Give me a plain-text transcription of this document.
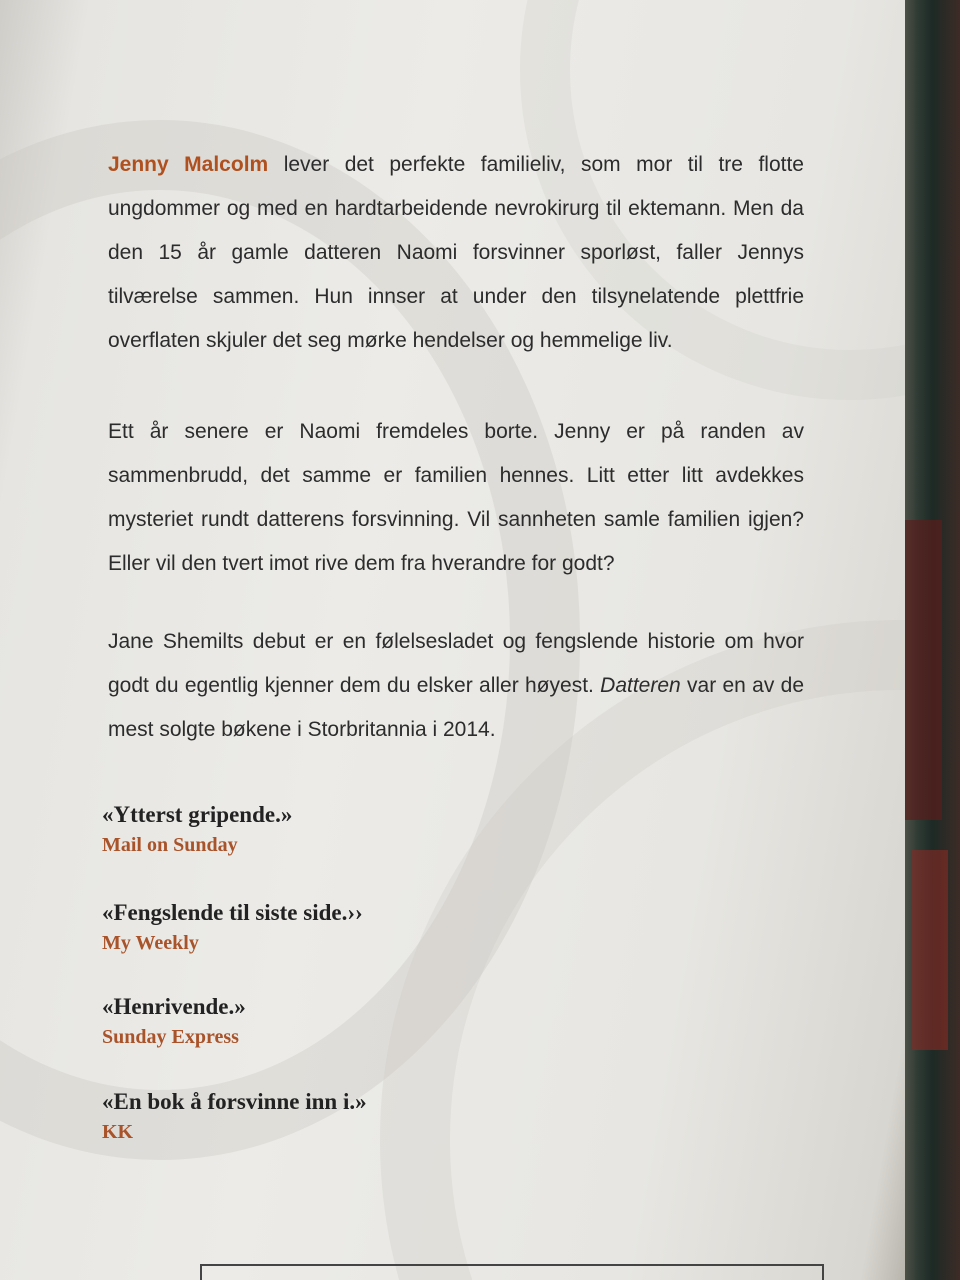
Jenny Malcolm lever det perfekte familieliv, som mor til tre flotte ungdommer og med en hardtarbeidende nevrokirurg til ektemann. Men da den 15 år gamle datteren Naomi forsvinner sporløst, faller Jennys tilværelse sammen. Hun innser at under den tilsynelatende plettfrie overflaten skjuler det seg mørke hendelser og hemmelige liv.

Ett år senere er Naomi fremdeles borte. Jenny er på randen av sammenbrudd, det samme er familien hennes. Litt etter litt avdekkes mysteriet rundt datterens forsvinning. Vil sannheten samle familien igjen? Eller vil den tvert imot rive dem fra hverandre for godt?

Jane Shemilts debut er en følelsesladet og fengslende historie om hvor godt du egentlig kjenner dem du elsker aller høyest. Datteren var en av de mest solgte bøkene i Storbritannia i 2014.

«Ytterst gripende.»
Mail on Sunday
«Fengslende til siste side.››
My Weekly
«Henrivende.»
Sunday Express
«En bok å forsvinne inn i.»
KK
